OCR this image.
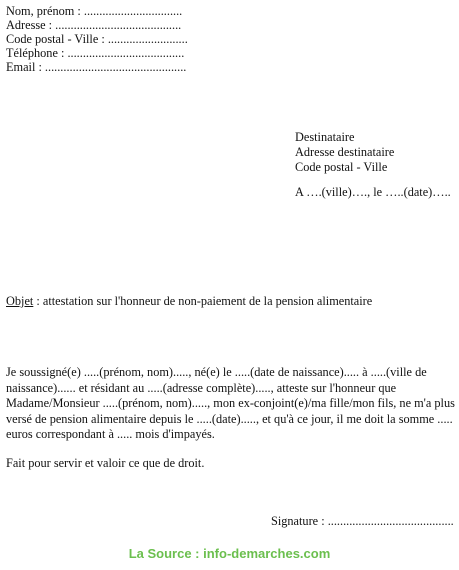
Nom, prénom : ................................
Adresse : .........................................
Code postal - Ville : ..........................
Téléphone : ......................................
Email : ..............................................
Destinataire
Adresse destinataire
Code postal - Ville
A ….(ville)…., le …..(date)…..
Objet : attestation sur l'honneur de non-paiement de la pension alimentaire
Je soussigné(e) .....(prénom, nom)....., né(e) le .....(date de naissance)..... à .....(ville de
naissance)...... et résidant au .....(adresse complète)....., atteste sur l'honneur que
Madame/Monsieur .....(prénom, nom)....., mon ex-conjoint(e)/ma fille/mon fils, ne m'a plus
versé de pension alimentaire depuis le .....(date)....., et qu'à ce jour, il me doit la somme .....
euros correspondant à ..... mois d'impayés.
Fait pour servir et valoir ce que de droit.
Signature : .........................................
La Source : info-demarches.com
